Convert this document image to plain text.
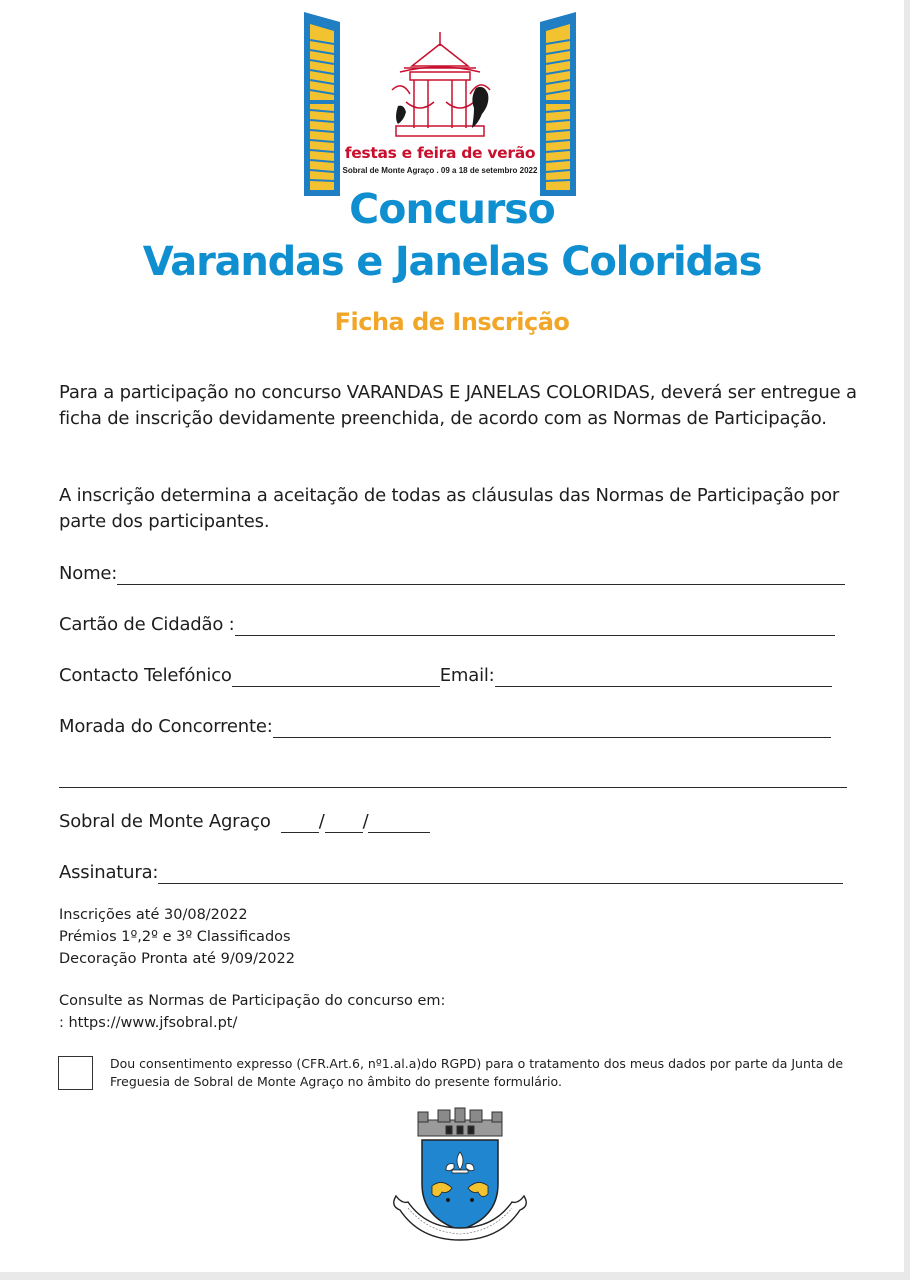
festas e feira de verão
Sobral de Monte Agraço . 09 a 18 de setembro 2022
Concurso
Varandas e Janelas Coloridas
Ficha de Inscrição
Para a participação no concurso VARANDAS E JANELAS COLORIDAS, deverá ser entregue a ficha de inscrição devidamente preenchida, de acordo com as Normas de Participação.
A inscrição determina a aceitação de todas as cláusulas das Normas de Participação por parte dos participantes.
Nome:
Cartão de Cidadão :
Contacto Telefónico	Email:
Morada do Concorrente:
Sobral de Monte Agraço	/ /
Assinatura:
Inscrições até 30/08/2022
Prémios 1º,2º e 3º Classificados
Decoração Pronta até 9/09/2022
Consulte as Normas de Participação do concurso em:
: https://www.jfsobral.pt/
Dou consentimento expresso (CFR.Art.6, nº1.al.a)do RGPD) para o tratamento dos meus dados por parte da Junta de Freguesia de Sobral de Monte Agraço no âmbito do presente formulário.
